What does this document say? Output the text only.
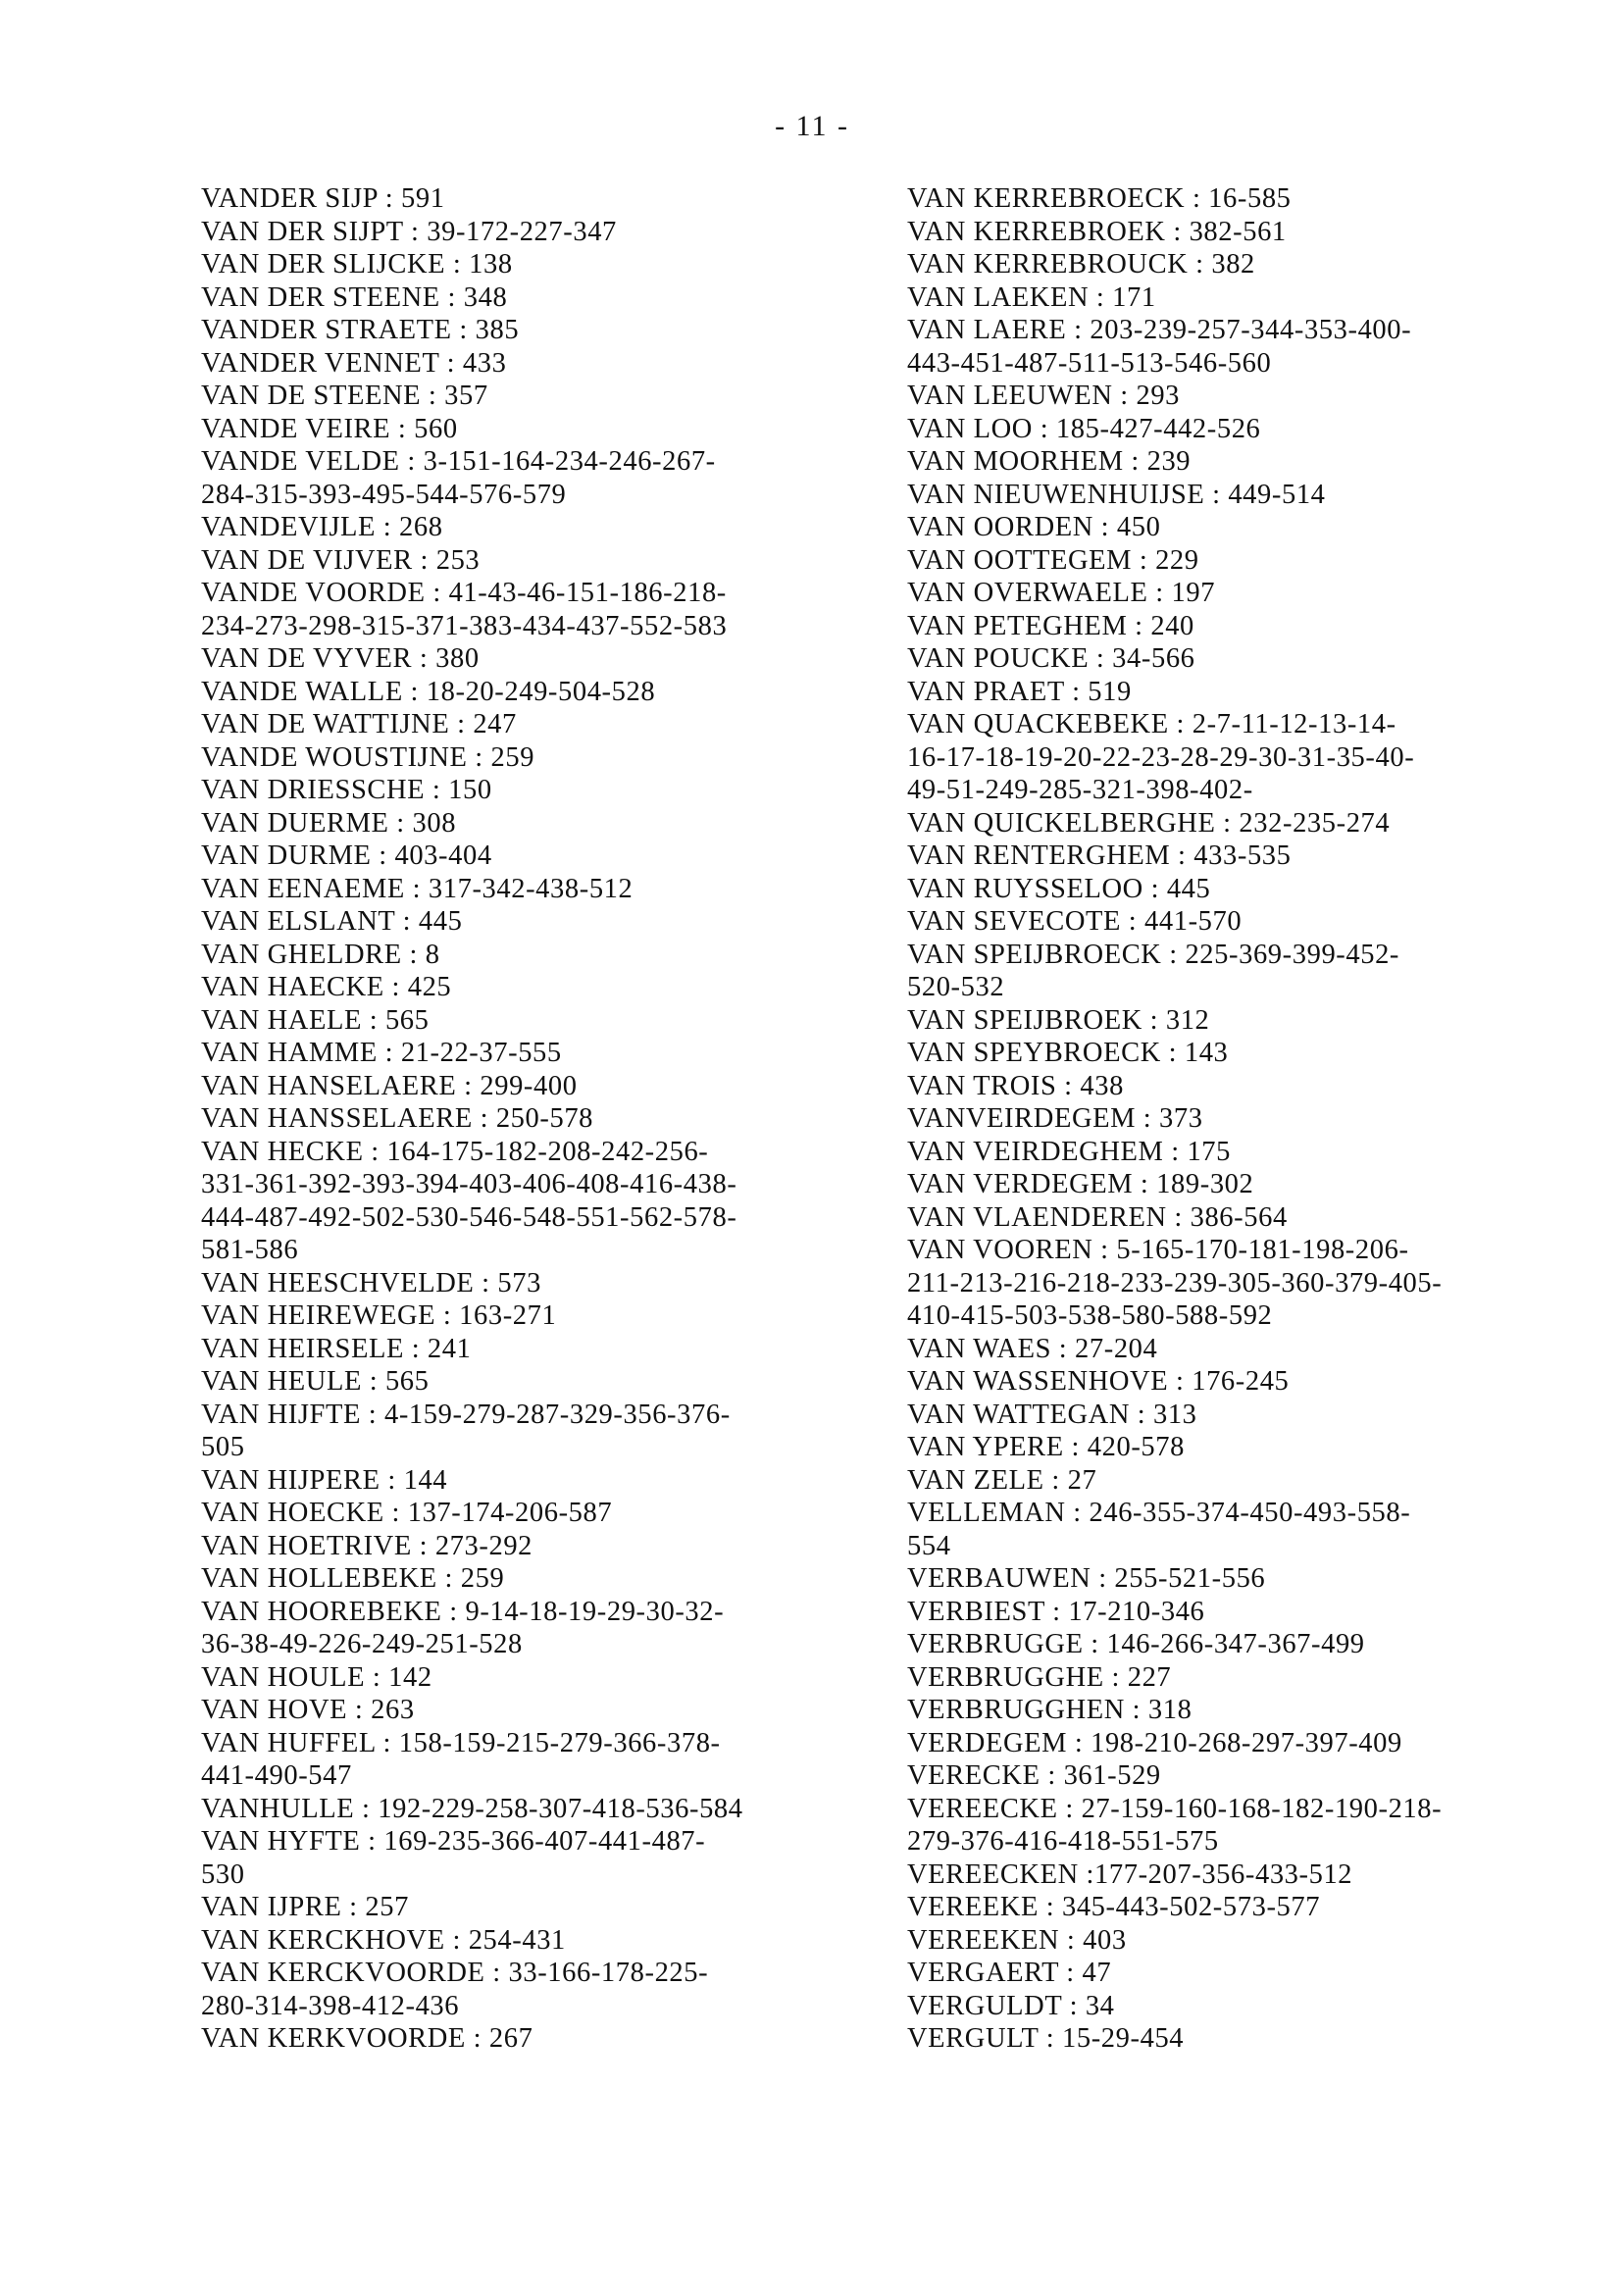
- 11 -
VANDER SIJP : 591
VAN DER SIJPT : 39-172-227-347
VAN DER SLIJCKE : 138
VAN DER STEENE : 348
VANDER STRAETE : 385
VANDER VENNET : 433
VAN DE STEENE : 357
VANDE VEIRE : 560
VANDE VELDE : 3-151-164-234-246-267-
284-315-393-495-544-576-579
VANDEVIJLE : 268
VAN DE VIJVER : 253
VANDE VOORDE : 41-43-46-151-186-218-
234-273-298-315-371-383-434-437-552-583
VAN DE VYVER : 380
VANDE WALLE : 18-20-249-504-528
VAN DE WATTIJNE : 247
VANDE WOUSTIJNE : 259
VAN DRIESSCHE : 150
VAN DUERME : 308
VAN DURME : 403-404
VAN EENAEME : 317-342-438-512
VAN ELSLANT : 445
VAN GHELDRE : 8
VAN HAECKE : 425
VAN HAELE : 565
VAN HAMME : 21-22-37-555
VAN HANSELAERE : 299-400
VAN HANSSELAERE : 250-578
VAN HECKE : 164-175-182-208-242-256-
331-361-392-393-394-403-406-408-416-438-
444-487-492-502-530-546-548-551-562-578-
581-586
VAN HEESCHVELDE : 573
VAN HEIREWEGE : 163-271
VAN HEIRSELE : 241
VAN HEULE : 565
VAN HIJFTE : 4-159-279-287-329-356-376-
505
VAN HIJPERE : 144
VAN HOECKE : 137-174-206-587
VAN HOETRIVE : 273-292
VAN HOLLEBEKE : 259
VAN HOOREBEKE : 9-14-18-19-29-30-32-
36-38-49-226-249-251-528
VAN HOULE : 142
VAN HOVE : 263
VAN HUFFEL : 158-159-215-279-366-378-
441-490-547
VANHULLE : 192-229-258-307-418-536-584
VAN HYFTE : 169-235-366-407-441-487-
530
VAN IJPRE : 257
VAN KERCKHOVE : 254-431
VAN KERCKVOORDE : 33-166-178-225-
280-314-398-412-436
VAN KERKVOORDE : 267
VAN KERREBROECK : 16-585
VAN KERREBROEK : 382-561
VAN KERREBROUCK : 382
VAN LAEKEN : 171
VAN LAERE : 203-239-257-344-353-400-
443-451-487-511-513-546-560
VAN LEEUWEN : 293
VAN LOO : 185-427-442-526
VAN MOORHEM : 239
VAN NIEUWENHUIJSE : 449-514
VAN OORDEN : 450
VAN OOTTEGEM : 229
VAN OVERWAELE : 197
VAN PETEGHEM : 240
VAN POUCKE : 34-566
VAN PRAET : 519
VAN QUACKEBEKE : 2-7-11-12-13-14-
16-17-18-19-20-22-23-28-29-30-31-35-40-
49-51-249-285-321-398-402-
VAN QUICKELBERGHE : 232-235-274
VAN RENTERGHEM : 433-535
VAN RUYSSELOO : 445
VAN SEVECOTE : 441-570
VAN SPEIJBROECK : 225-369-399-452-
520-532
VAN SPEIJBROEK : 312
VAN SPEYBROECK : 143
VAN TROIS : 438
VANVEIRDEGEM : 373
VAN VEIRDEGHEM : 175
VAN VERDEGEM : 189-302
VAN VLAENDEREN : 386-564
VAN VOOREN : 5-165-170-181-198-206-
211-213-216-218-233-239-305-360-379-405-
410-415-503-538-580-588-592
VAN WAES : 27-204
VAN WASSENHOVE : 176-245
VAN WATTEGAN : 313
VAN YPERE : 420-578
VAN ZELE : 27
VELLEMAN : 246-355-374-450-493-558-
554
VERBAUWEN : 255-521-556
VERBIEST : 17-210-346
VERBRUGGE : 146-266-347-367-499
VERBRUGGHE : 227
VERBRUGGHEN : 318
VERDEGEM : 198-210-268-297-397-409
VERECKE : 361-529
VEREECKE : 27-159-160-168-182-190-218-
279-376-416-418-551-575
VEREECKEN :177-207-356-433-512
VEREEKE : 345-443-502-573-577
VEREEKEN : 403
VERGAERT : 47
VERGULDT : 34
VERGULT : 15-29-454
